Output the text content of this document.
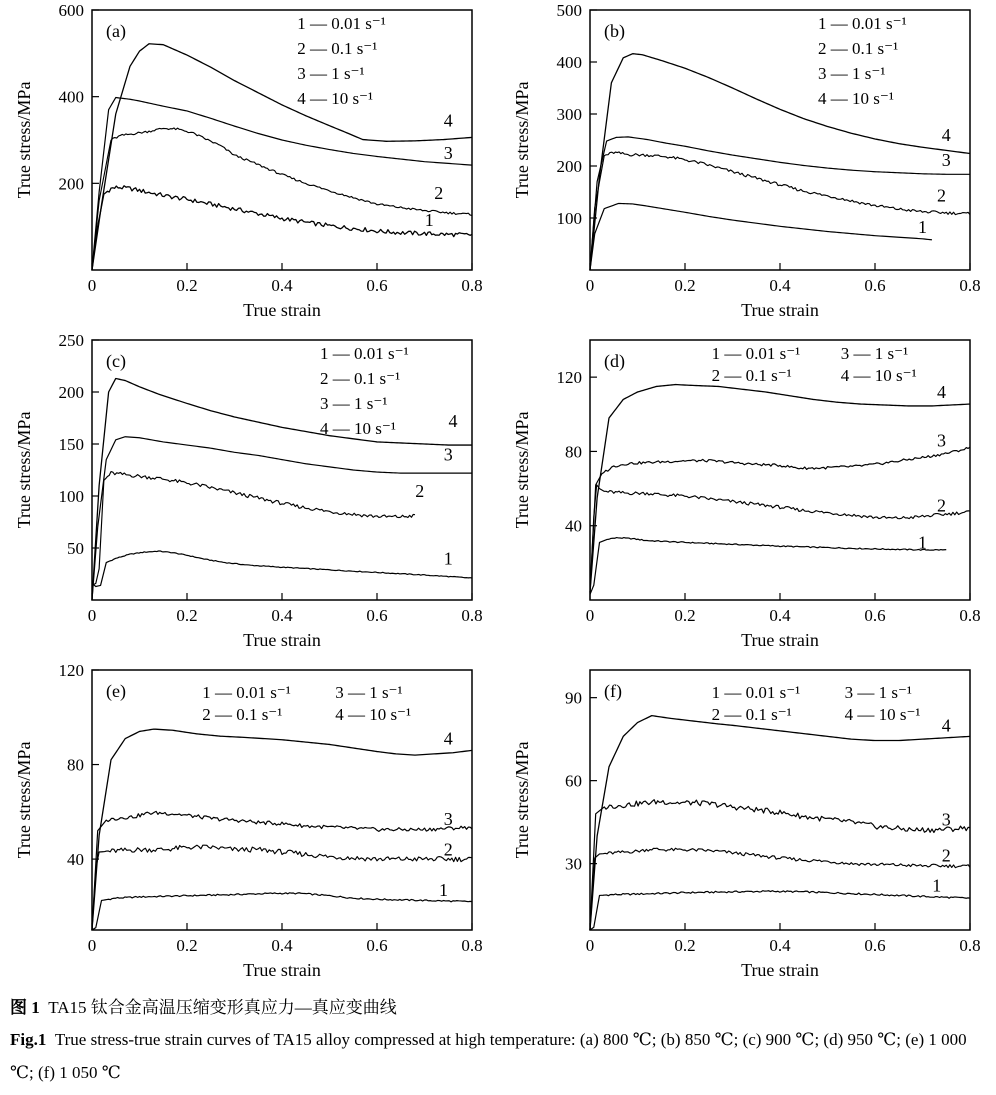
0	0.2	0.4	0.6	0.8
200
400
600
True strain
True stress/MPa
(a)	1 — 0.01 s⁻¹
2 — 0.1 s⁻¹
3 — 1 s⁻¹
4 — 10 s⁻¹
1
2
3
4
0	0.2	0.4	0.6	0.8
100
200
300
400
500
True strain
True stress/MPa
(b)	1 — 0.01 s⁻¹
2 — 0.1 s⁻¹
3 — 1 s⁻¹
4 — 10 s⁻¹
1
2
3
4
0	0.2	0.4	0.6	0.8
50
100
150
200
250
True strain
True stress/MPa
(c)	1 — 0.01 s⁻¹
2 — 0.1 s⁻¹
3 — 1 s⁻¹
4 — 10 s⁻¹
1
2
3
4
0	0.2	0.4	0.6	0.8
40
80
120
True strain
True stress/MPa
(d)	1 — 0.01 s⁻¹
2 — 0.1 s⁻¹
3 — 1 s⁻¹
4 — 10 s⁻¹
1
2
3
4
0	0.2	0.4	0.6	0.8
40
80
120
True strain
True stress/MPa
(e)	1 — 0.01 s⁻¹
2 — 0.1 s⁻¹
3 — 1 s⁻¹
4 — 10 s⁻¹
1
2
3
4
0	0.2	0.4	0.6	0.8
30
60
90
True strain
True stress/MPa
(f)	1 — 0.01 s⁻¹
2 — 0.1 s⁻¹
3 — 1 s⁻¹
4 — 10 s⁻¹
1
2
3
4

图 1 TA15 钛合金高温压缩变形真应力—真应变曲线

Fig.1 True stress-true strain curves of TA15 alloy compressed at high temperature: (a) 800 ℃; (b) 850 ℃; (c) 900 ℃; (d) 950 ℃; (e) 1 000 ℃; (f) 1 050 ℃
